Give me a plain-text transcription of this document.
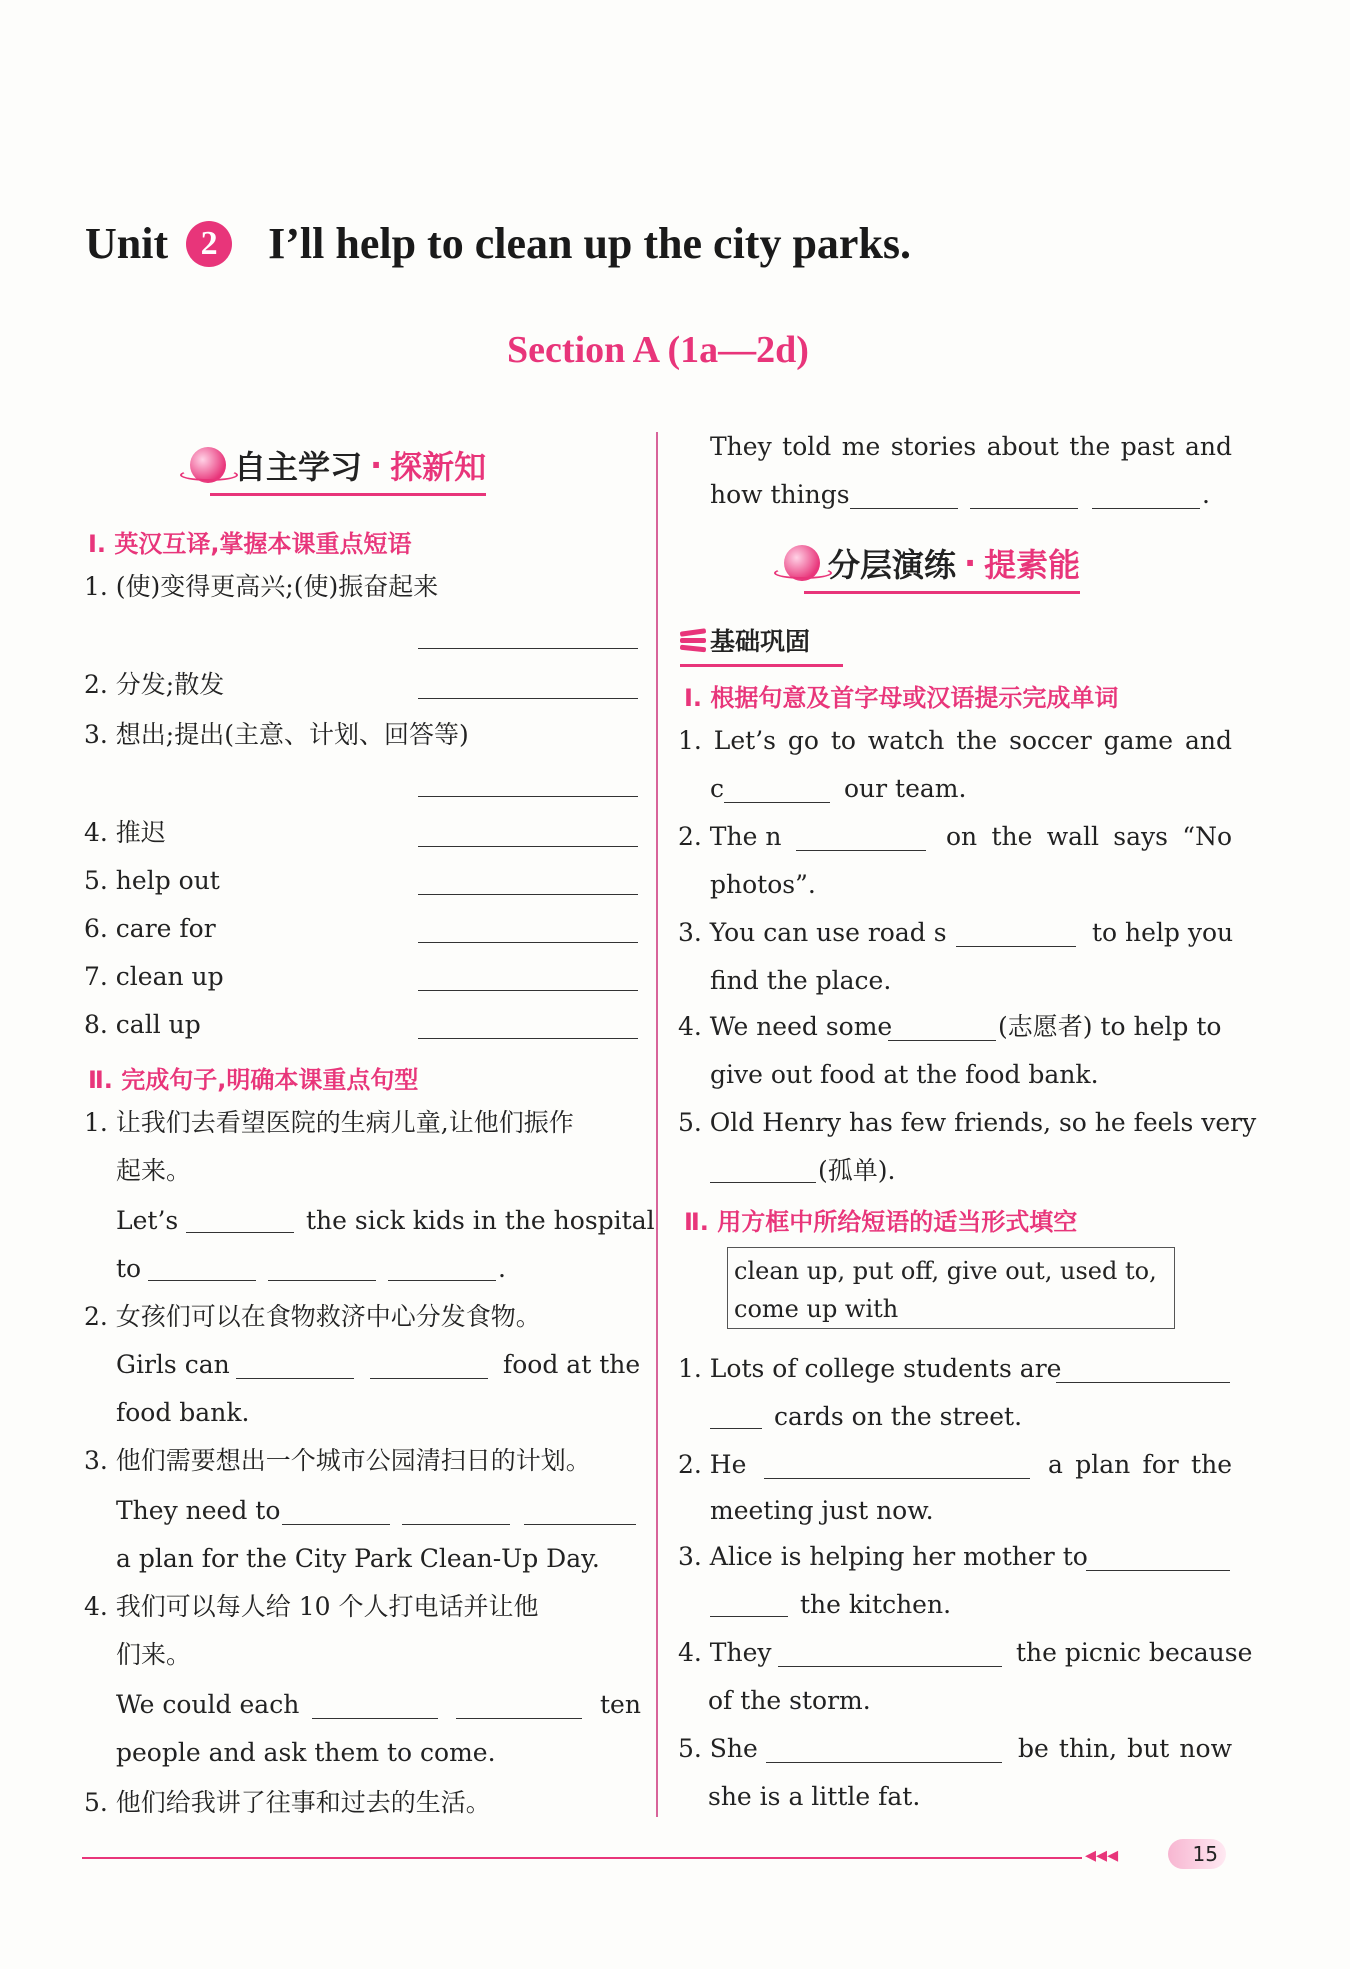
Unit 2	I’ll help to clean up the city parks.
Section A (1a—2d)
自主学习 · 探新知
Ⅰ. 英汉互译,掌握本课重点短语
1. (使)变得更高兴;(使)振奋起来
2. 分发;散发
3. 想出;提出(主意、计划、回答等)
4. 推迟
5. help out
6. care for
7. clean up
8. call up
Ⅱ. 完成句子,明确本课重点句型
1. 让我们去看望医院的生病儿童,让他们振作
起来。
Let’s	the sick kids in the hospital
to	.
2. 女孩们可以在食物救济中心分发食物。
Girls can	food at the
food bank.
3. 他们需要想出一个城市公园清扫日的计划。
They need to
a plan for the City Park Clean-Up Day.
4. 我们可以每人给 10 个人打电话并让他
们来。
We could each	ten
people and ask them to come.
5. 他们给我讲了往事和过去的生活。
They told me stories about the past and
how things	.
分层演练 · 提素能
基础巩固
Ⅰ. 根据句意及首字母或汉语提示完成单词
1. Let’s go to watch the soccer game and
c	our team.
2. The n	on the wall says “No
photos”.
3. You can use road s	to help you
find the place.
4. We need some	(志愿者) to help to
give out food at the food bank.
5. Old Henry has few friends, so he feels very
(孤单).
Ⅱ. 用方框中所给短语的适当形式填空
clean up, put off, give out, used to,
come up with
1. Lots of college students are
cards on the street.
2. He	a plan for the
meeting just now.
3. Alice is helping her mother to
the kitchen.
4. They	the picnic because
of the storm.
5. She	be thin, but now
she is a little fat.
◂◂◂	15
